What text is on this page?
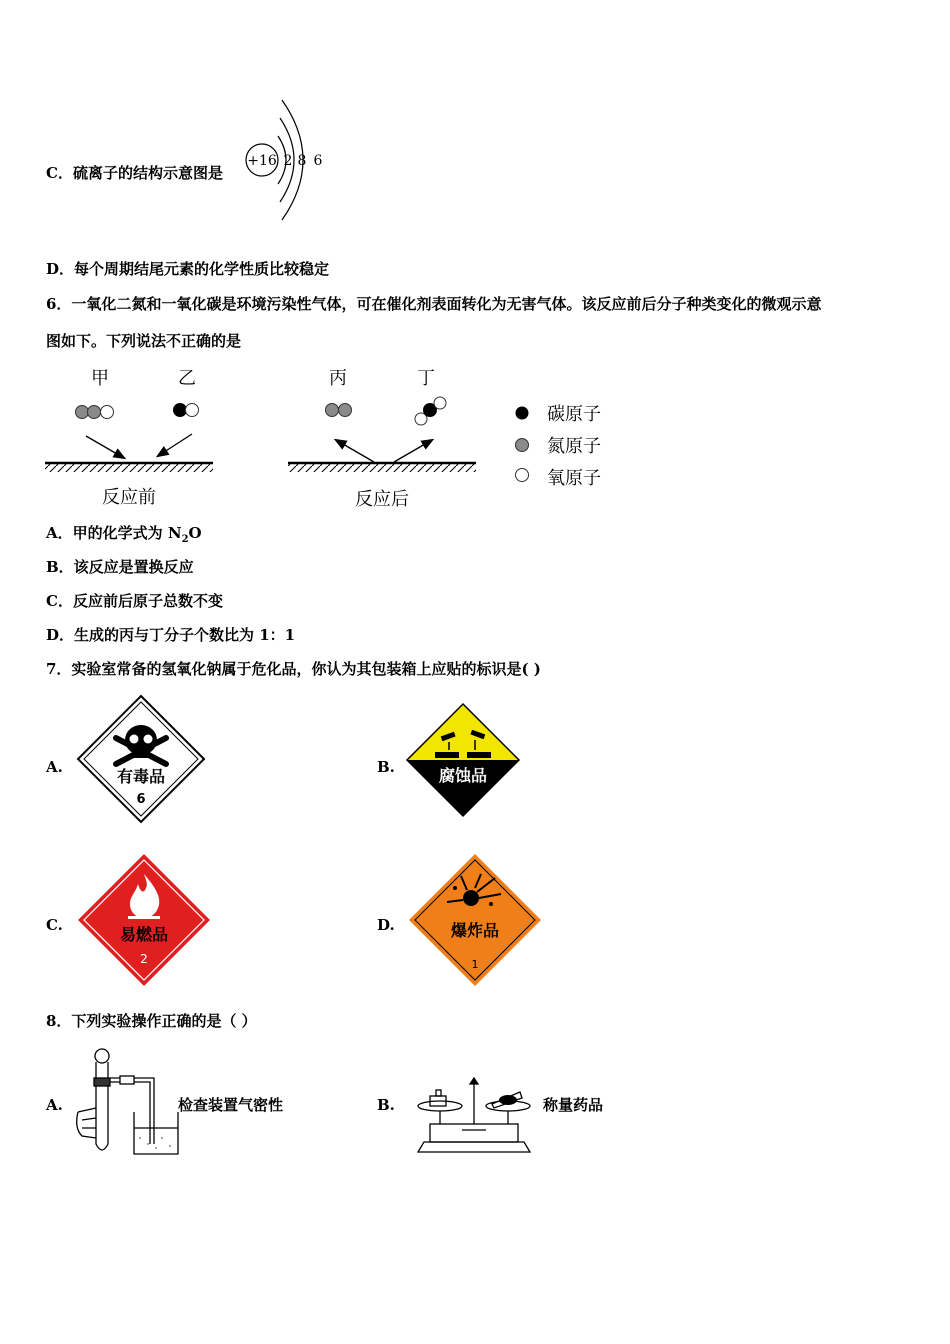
C．硫离子的结构示意图是
+16 2 8 6
D．每个周期结尾元素的化学性质比较稳定
6．一氧化二氮和一氧化碳是环境污染性气体，可在催化剂表面转化为无害气体。该反应前后分子种类变化的微观示意
图如下。下列说法不正确的是
甲	乙	丙	丁
反应前	反应后
碳原子
氮原子
氧原子
A．甲的化学式为 $N_2O$
B．该反应是置换反应
C．反应前后原子总数不变
D．生成的丙与丁分子个数比为 1：1
7．实验室常备的氢氧化钠属于危化品，你认为其包装箱上应贴的标识是( )
A.	有毒品
6
B.	腐蚀品
C.	易燃品
2
D.	爆炸品
1
8．下列实验操作正确的是（ ）
A.	检查装置气密性	B.	称量药品
